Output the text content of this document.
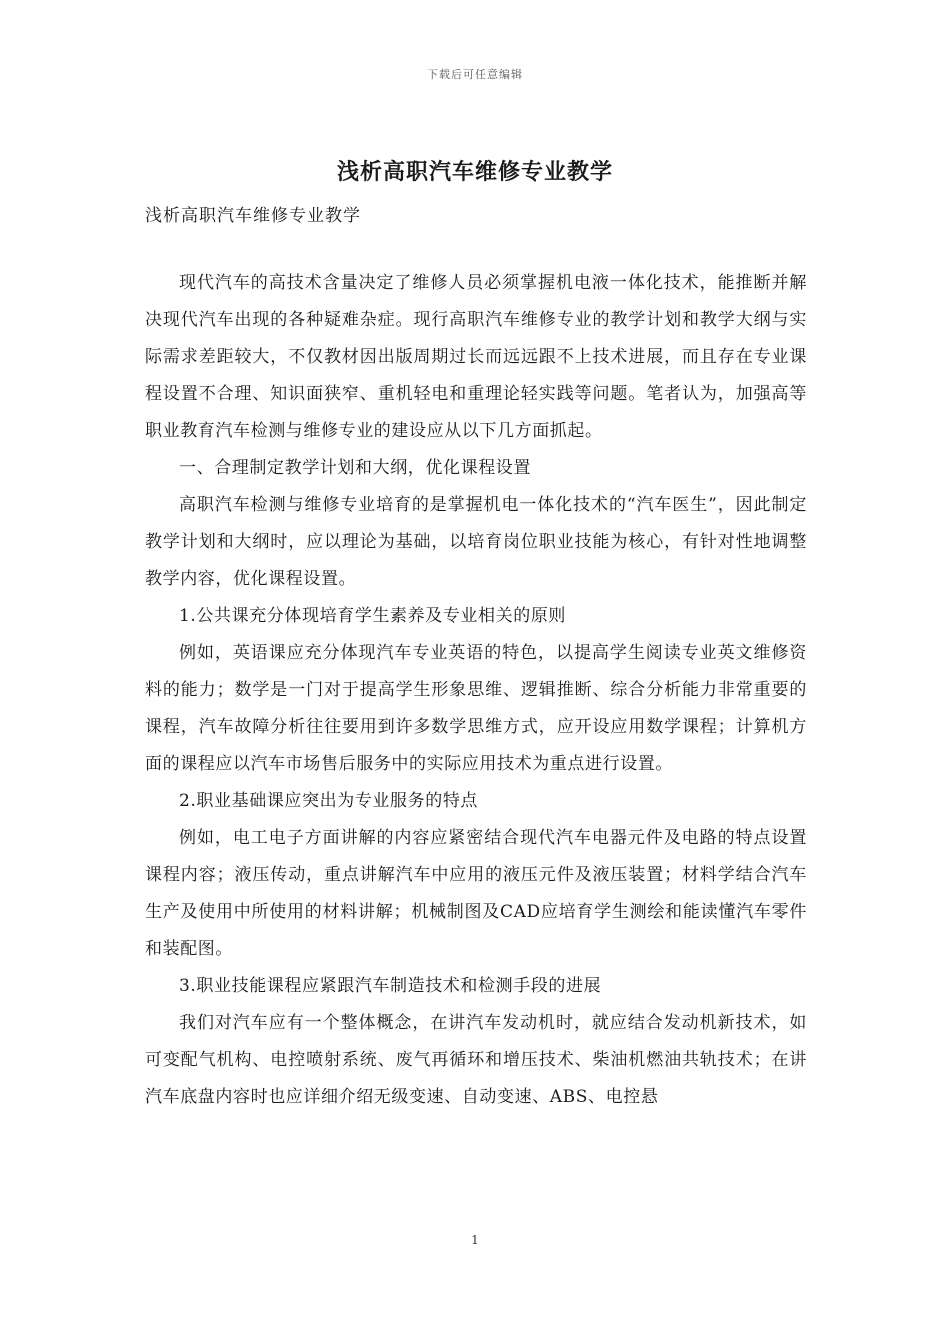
下载后可任意编辑
浅析高职汽车维修专业教学
浅析高职汽车维修专业教学

现代汽车的高技术含量决定了维修人员必须掌握机电液一体化技术，能推断并解决现代汽车出现的各种疑难杂症。现行高职汽车维修专业的教学计划和教学大纲与实际需求差距较大，不仅教材因出版周期过长而远远跟不上技术进展，而且存在专业课程设置不合理、知识面狭窄、重机轻电和重理论轻实践等问题。笔者认为，加强高等职业教育汽车检测与维修专业的建设应从以下几方面抓起。

一、合理制定教学计划和大纲，优化课程设置

高职汽车检测与维修专业培育的是掌握机电一体化技术的“汽车医生”，因此制定教学计划和大纲时，应以理论为基础，以培育岗位职业技能为核心，有针对性地调整教学内容，优化课程设置。

1.公共课充分体现培育学生素养及专业相关的原则

例如，英语课应充分体现汽车专业英语的特色，以提高学生阅读专业英文维修资料的能力；数学是一门对于提高学生形象思维、逻辑推断、综合分析能力非常重要的课程，汽车故障分析往往要用到许多数学思维方式，应开设应用数学课程；计算机方面的课程应以汽车市场售后服务中的实际应用技术为重点进行设置。

2.职业基础课应突出为专业服务的特点

例如，电工电子方面讲解的内容应紧密结合现代汽车电器元件及电路的特点设置课程内容；液压传动，重点讲解汽车中应用的液压元件及液压装置；材料学结合汽车生产及使用中所使用的材料讲解；机械制图及CAD应培育学生测绘和能读懂汽车零件和装配图。

3.职业技能课程应紧跟汽车制造技术和检测手段的进展

我们对汽车应有一个整体概念，在讲汽车发动机时，就应结合发动机新技术，如可变配气机构、电控喷射系统、废气再循环和增压技术、柴油机燃油共轨技术；在讲汽车底盘内容时也应详细介绍无级变速、自动变速、ABS、电控悬

1
